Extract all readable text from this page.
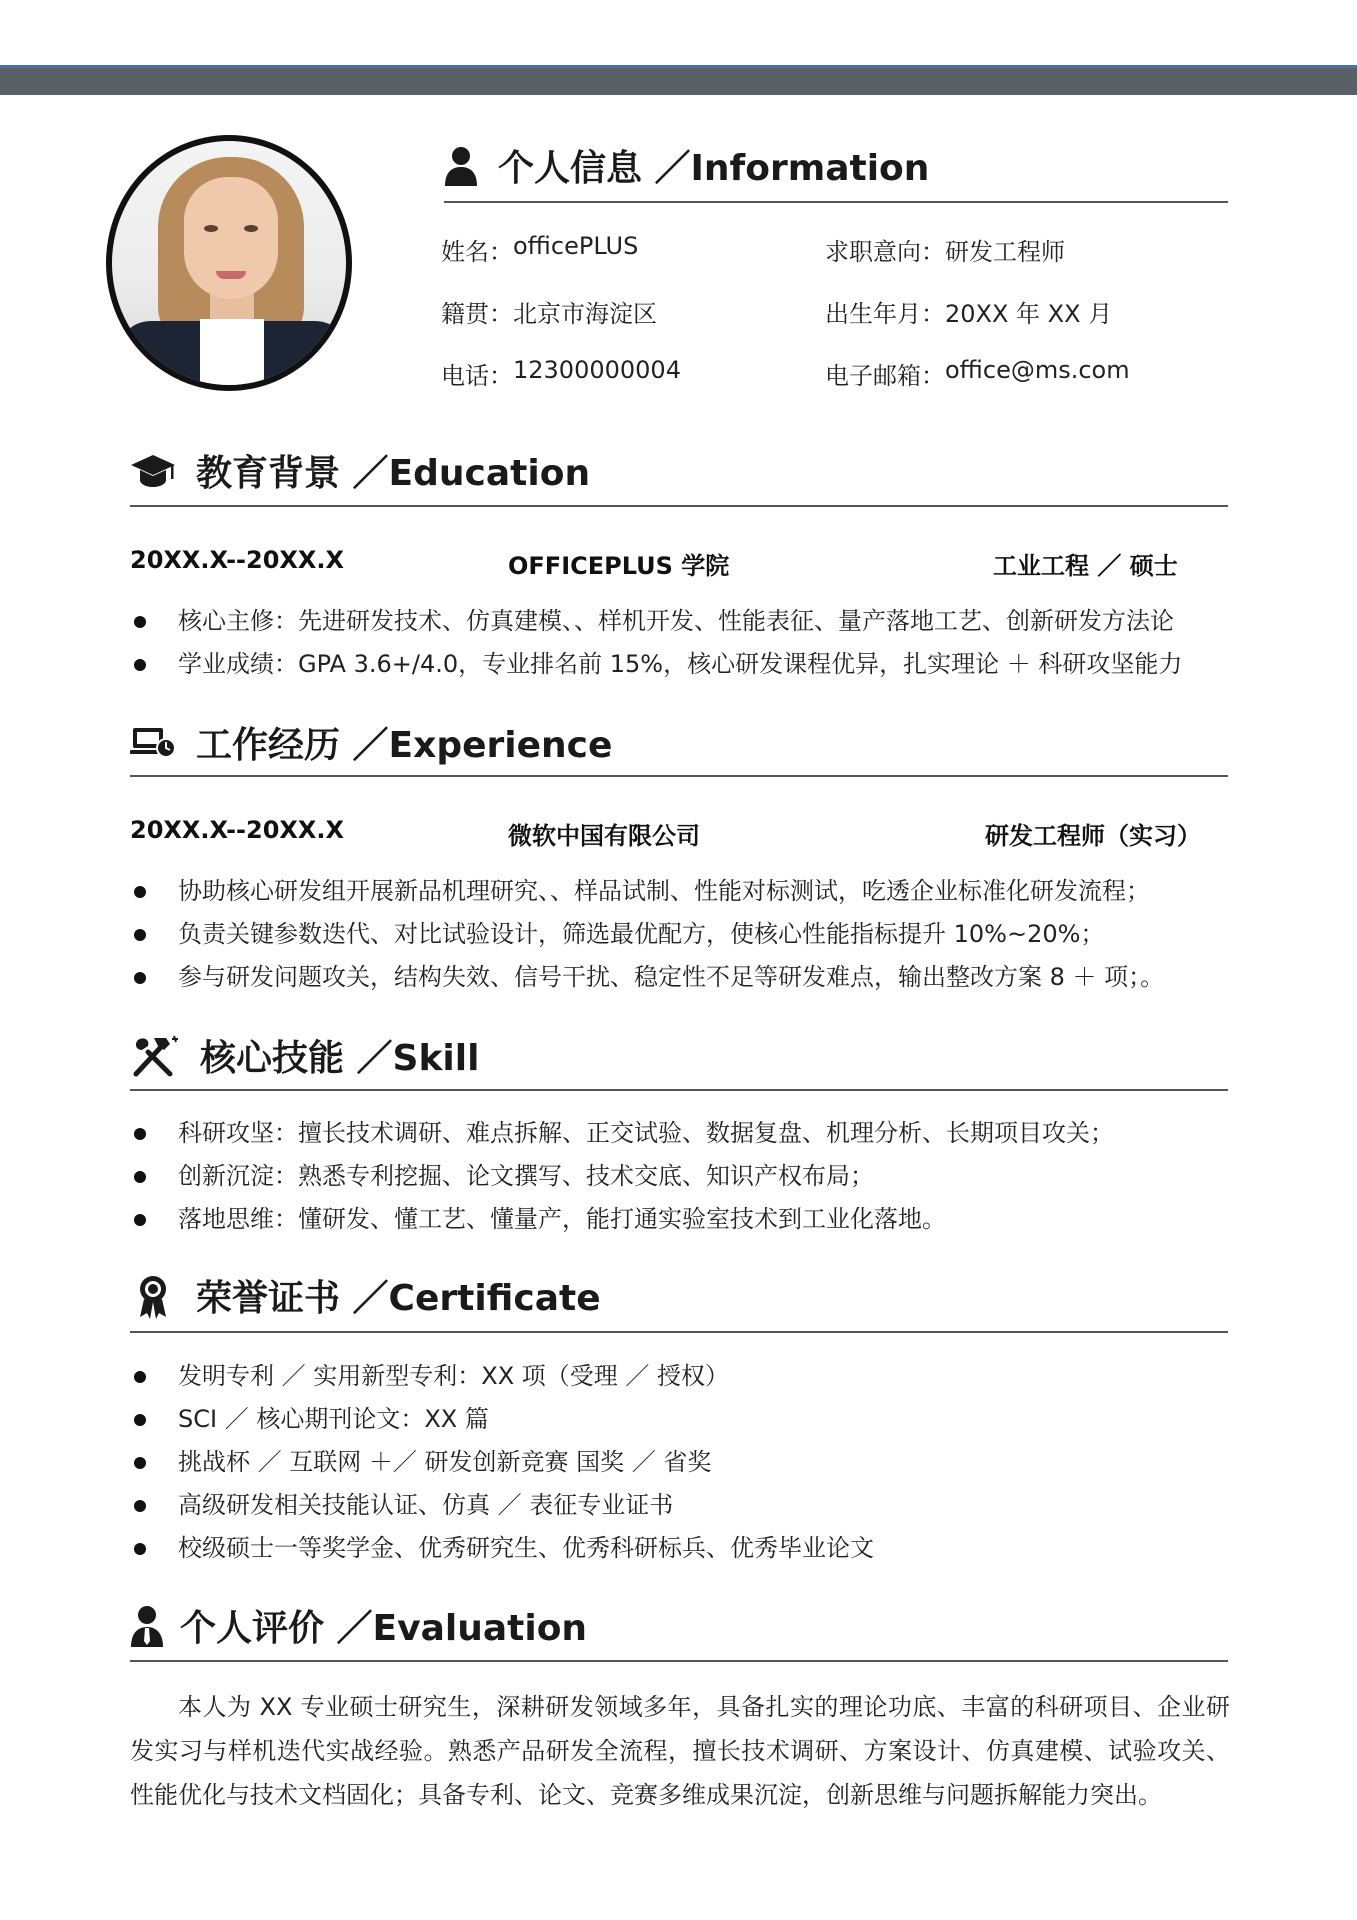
个人信息 ／Information
姓名： officePLUS	求职意向： 研发工程师
籍贯： 北京市海淀区	出生年月： 20XX 年 XX 月
电话： 12300000004	电子邮箱： office@ms.com
教育背景 ／Education
20XX.X--20XX.X	OFFICEPLUS 学院	工业工程 ／ 硕士
核心主修：先进研发技术、仿真建模、、样机开发、性能表征、量产落地工艺、创新研发方法论
学业成绩：GPA 3.6+/4.0，专业排名前 15%，核心研发课程优异，扎实理论 ＋ 科研攻坚能力
工作经历 ／Experience
20XX.X--20XX.X	微软中国有限公司	研发工程师（实习）
协助核心研发组开展新品机理研究、、样品试制、性能对标测试，吃透企业标准化研发流程；
负责关键参数迭代、对比试验设计，筛选最优配方，使核心性能指标提升 10%~20%；
参与研发问题攻关，结构失效、信号干扰、稳定性不足等研发难点，输出整改方案 8 ＋ 项；。
核心技能 ／Skill
科研攻坚：擅长技术调研、难点拆解、正交试验、数据复盘、机理分析、长期项目攻关；
创新沉淀：熟悉专利挖掘、论文撰写、技术交底、知识产权布局；
落地思维：懂研发、懂工艺、懂量产，能打通实验室技术到工业化落地。
荣誉证书 ／Certificate
发明专利 ／ 实用新型专利：XX 项（受理 ／ 授权）
SCI ／ 核心期刊论文：XX 篇
挑战杯 ／ 互联网 ＋／ 研发创新竞赛 国奖 ／ 省奖
高级研发相关技能认证、仿真 ／ 表征专业证书
校级硕士一等奖学金、优秀研究生、优秀科研标兵、优秀毕业论文
个人评价 ／Evaluation

本人为 XX 专业硕士研究生，深耕研发领域多年，具备扎实的理论功底、丰富的科研项目、企业研发实习与样机迭代实战经验。熟悉产品研发全流程，擅长技术调研、方案设计、仿真建模、试验攻关、性能优化与技术文档固化；具备专利、论文、竞赛多维成果沉淀，创新思维与问题拆解能力突出。
